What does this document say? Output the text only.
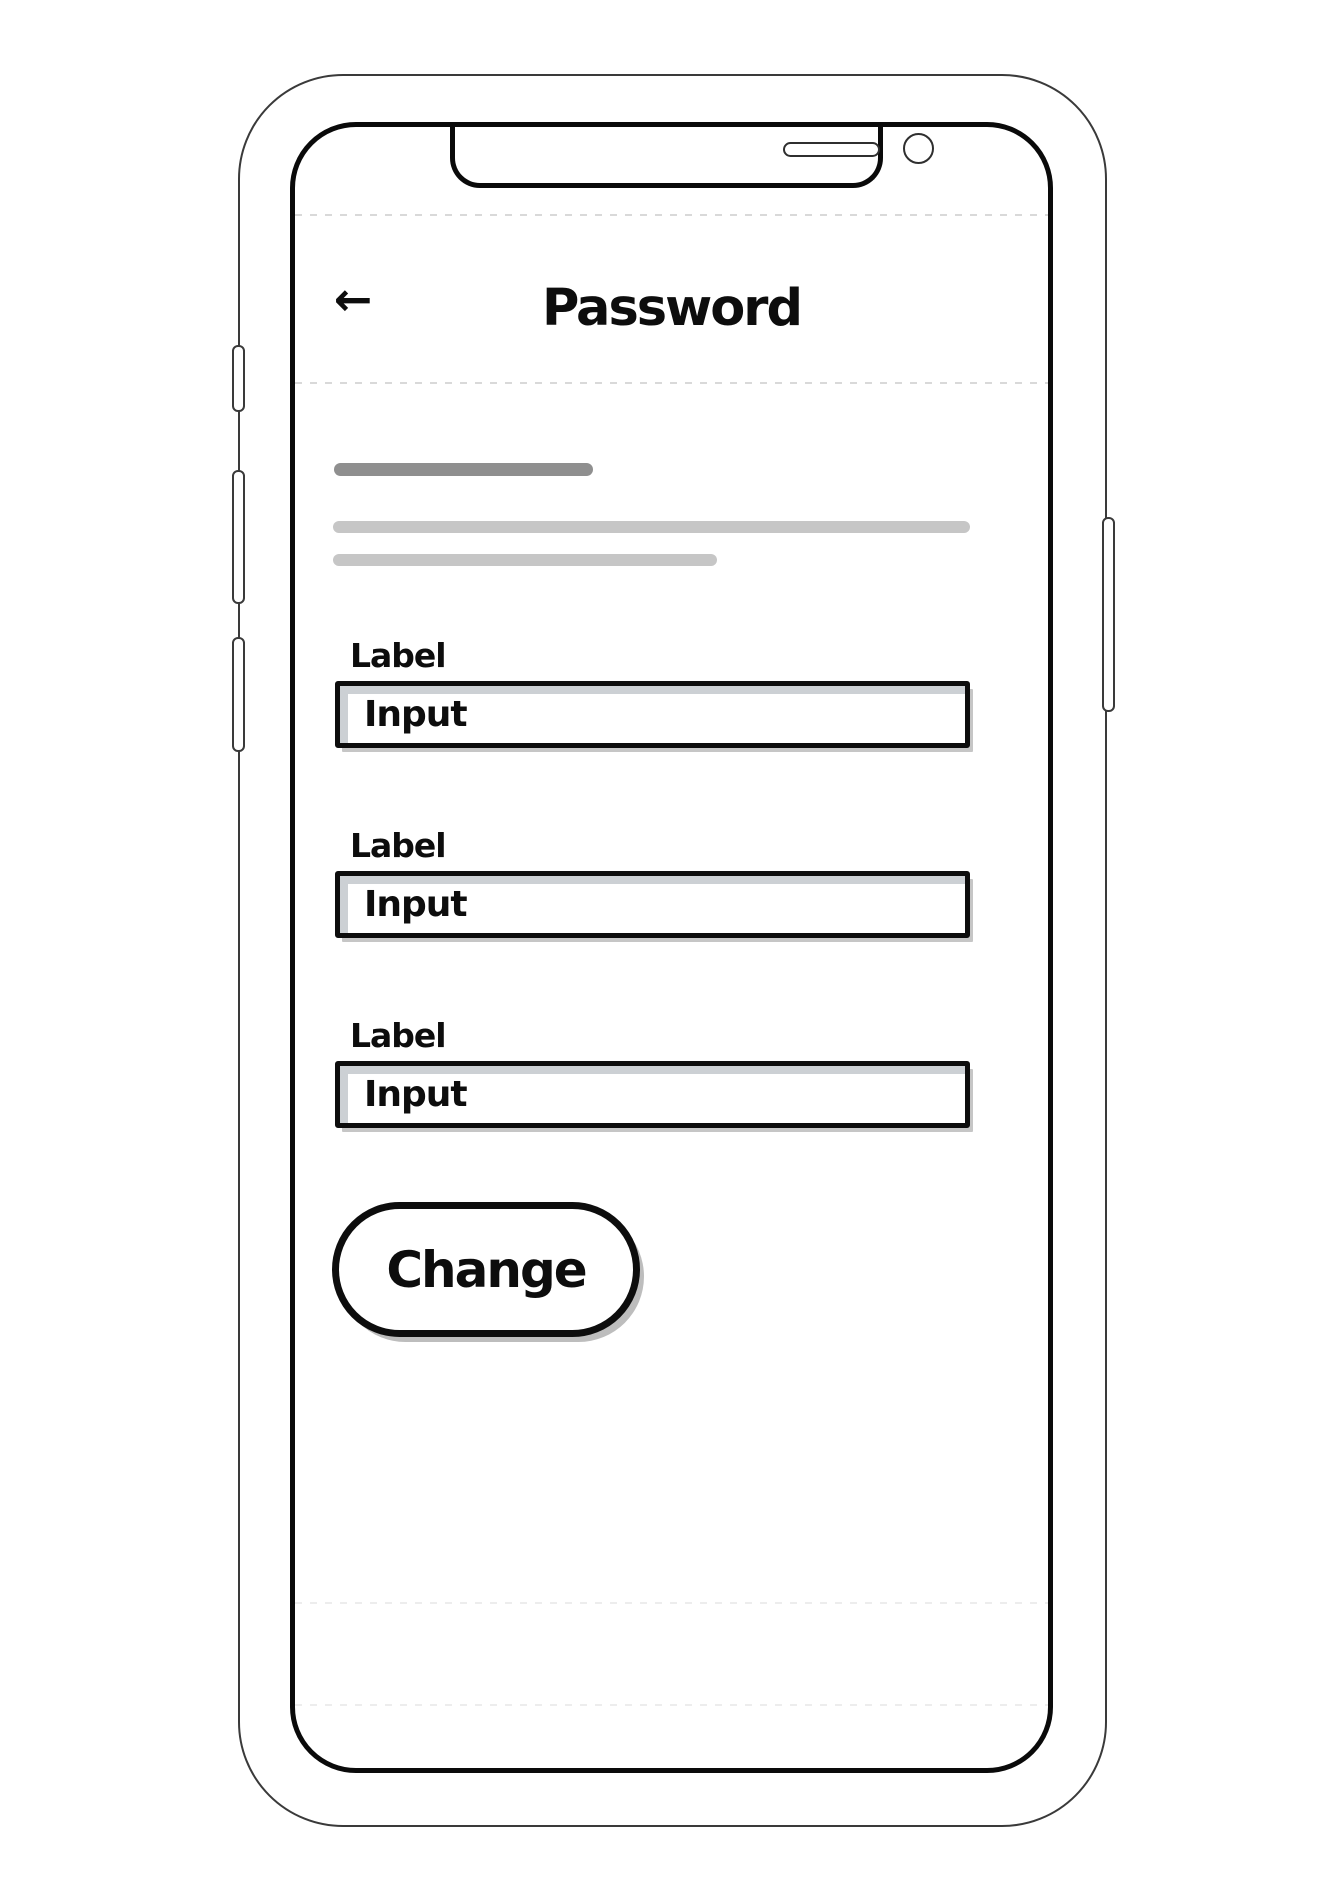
←	Password
Label
Input
Label
Input
Label
Input
Change
